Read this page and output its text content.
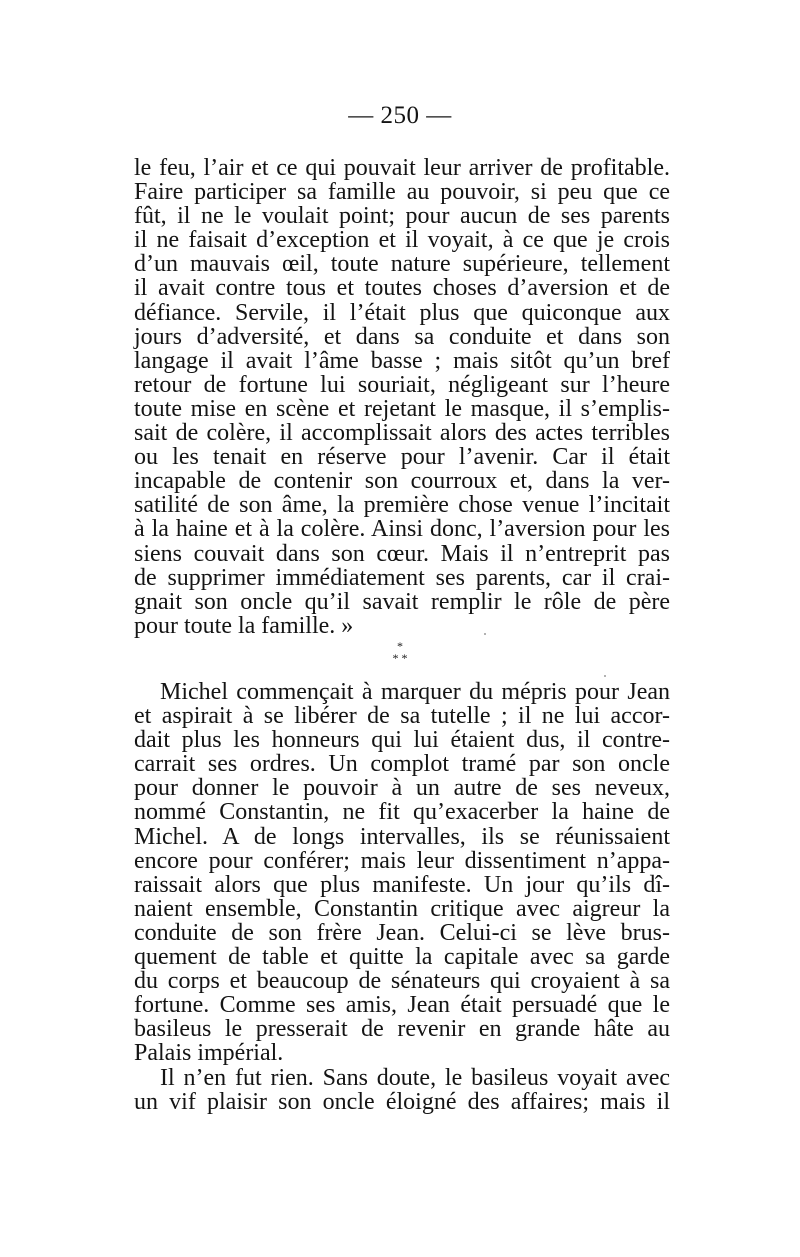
— 250 —
le feu, l’air et ce qui pouvait leur arriver de profitable.
Faire participer sa famille au pouvoir, si peu que ce
fût, il ne le voulait point; pour aucun de ses parents
il ne faisait d’exception et il voyait, à ce que je crois
d’un mauvais œil, toute nature supérieure, tellement
il avait contre tous et toutes choses d’aversion et de
défiance. Servile, il l’était plus que quiconque aux
jours d’adversité, et dans sa conduite et dans son
langage il avait l’âme basse ; mais sitôt qu’un bref
retour de fortune lui souriait, négligeant sur l’heure
toute mise en scène et rejetant le masque, il s’emplis-
sait de colère, il accomplissait alors des actes terribles
ou les tenait en réserve pour l’avenir. Car il était
incapable de contenir son courroux et, dans la ver-
satilité de son âme, la première chose venue l’incitait
à la haine et à la colère. Ainsi donc, l’aversion pour les
siens couvait dans son cœur. Mais il n’entreprit pas
de supprimer immédiatement ses parents, car il crai-
gnait son oncle qu’il savait remplir le rôle de père
pour toute la famille. »
*
* *
Michel commençait à marquer du mépris pour Jean
et aspirait à se libérer de sa tutelle ; il ne lui accor-
dait plus les honneurs qui lui étaient dus, il contre-
carrait ses ordres. Un complot tramé par son oncle
pour donner le pouvoir à un autre de ses neveux,
nommé Constantin, ne fit qu’exacerber la haine de
Michel. A de longs intervalles, ils se réunissaient
encore pour conférer; mais leur dissentiment n’appa-
raissait alors que plus manifeste. Un jour qu’ils dî-
naient ensemble, Constantin critique avec aigreur la
conduite de son frère Jean. Celui-ci se lève brus-
quement de table et quitte la capitale avec sa garde
du corps et beaucoup de sénateurs qui croyaient à sa
fortune. Comme ses amis, Jean était persuadé que le
basileus le presserait de revenir en grande hâte au
Palais impérial.
Il n’en fut rien. Sans doute, le basileus voyait avec
un vif plaisir son oncle éloigné des affaires; mais il
